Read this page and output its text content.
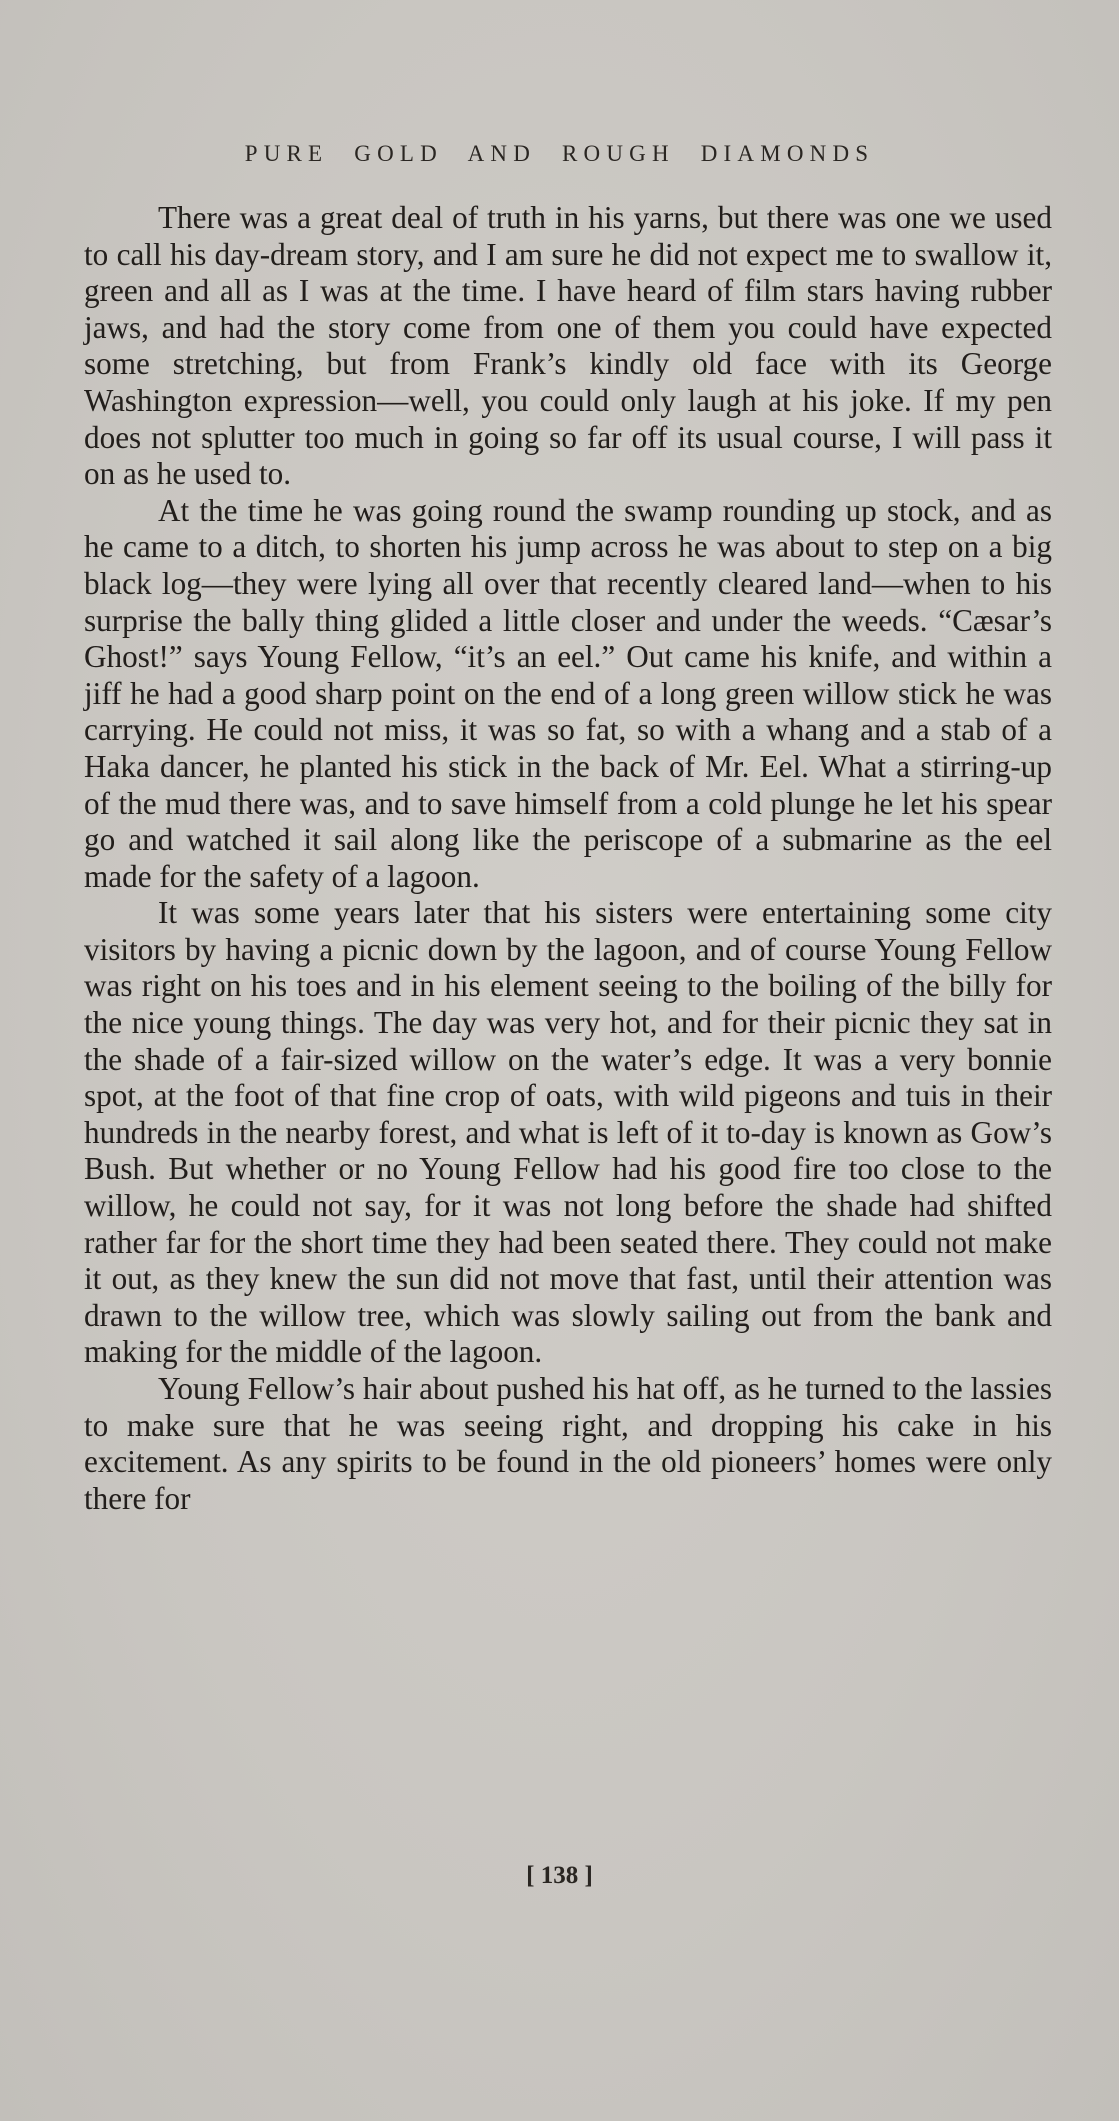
PURE GOLD AND ROUGH DIAMONDS

There was a great deal of truth in his yarns, but there was one we used to call his day-dream story, and I am sure he did not expect me to swallow it, green and all as I was at the time. I have heard of film stars having rubber jaws, and had the story come from one of them you could have expected some stretching, but from Frank’s kindly old face with its George Washington expression—well, you could only laugh at his joke. If my pen does not splutter too much in going so far off its usual course, I will pass it on as he used to.

At the time he was going round the swamp rounding up stock, and as he came to a ditch, to shorten his jump across he was about to step on a big black log—they were lying all over that recently cleared land—when to his surprise the bally thing glided a little closer and under the weeds. “Cæsar’s Ghost!” says Young Fellow, “it’s an eel.” Out came his knife, and within a jiff he had a good sharp point on the end of a long green willow stick he was carrying. He could not miss, it was so fat, so with a whang and a stab of a Haka dancer, he planted his stick in the back of Mr. Eel. What a stirring-up of the mud there was, and to save himself from a cold plunge he let his spear go and watched it sail along like the periscope of a submarine as the eel made for the safety of a lagoon.

It was some years later that his sisters were entertaining some city visitors by having a picnic down by the lagoon, and of course Young Fellow was right on his toes and in his element seeing to the boiling of the billy for the nice young things. The day was very hot, and for their picnic they sat in the shade of a fair-sized willow on the water’s edge. It was a very bonnie spot, at the foot of that fine crop of oats, with wild pigeons and tuis in their hundreds in the nearby forest, and what is left of it to-day is known as Gow’s Bush. But whether or no Young Fellow had his good fire too close to the willow, he could not say, for it was not long before the shade had shifted rather far for the short time they had been seated there. They could not make it out, as they knew the sun did not move that fast, until their attention was drawn to the willow tree, which was slowly sailing out from the bank and making for the middle of the lagoon.

Young Fellow’s hair about pushed his hat off, as he turned to the lassies to make sure that he was seeing right, and dropping his cake in his excitement. As any spirits to be found in the old pioneers’ homes were only there for

[ 138 ]
